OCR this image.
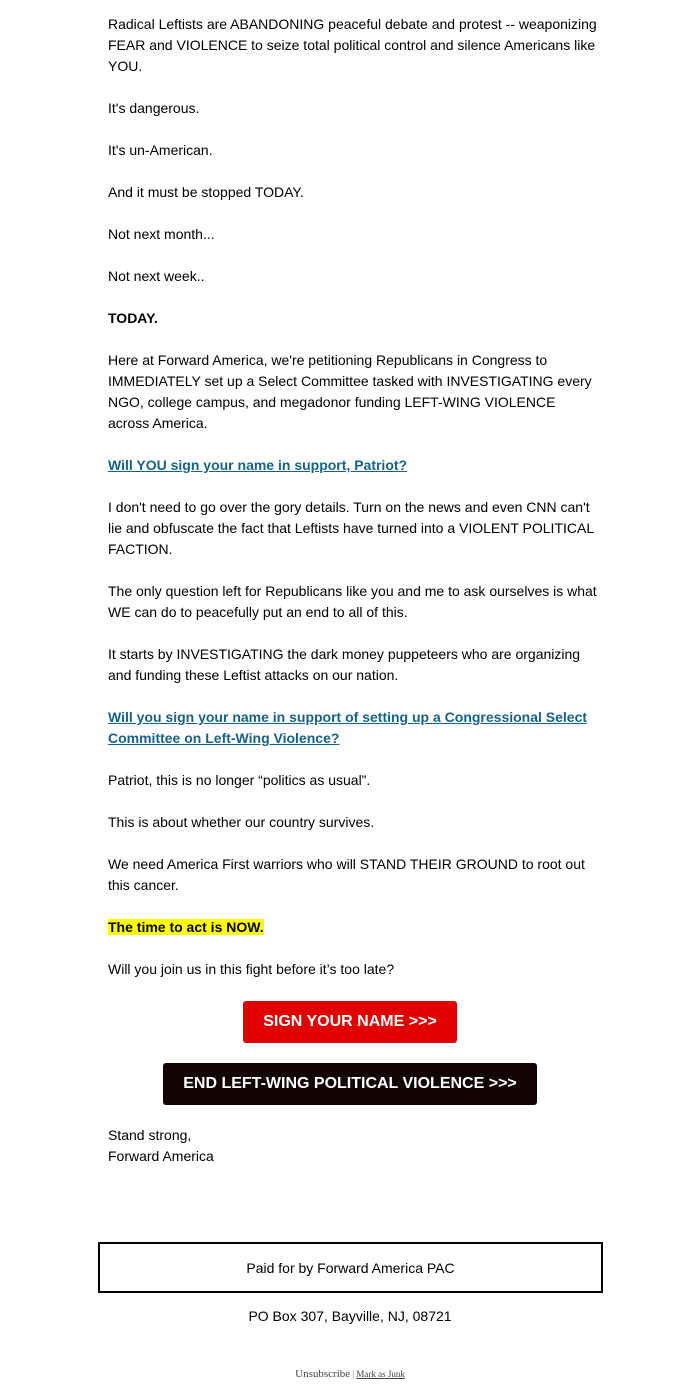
Radical Leftists are ABANDONING peaceful debate and protest -- weaponizing FEAR and VIOLENCE to seize total political control and silence Americans like YOU.

It's dangerous.

It's un-American.

And it must be stopped TODAY.

Not next month...

Not next week..

TODAY.

Here at Forward America, we're petitioning Republicans in Congress to IMMEDIATELY set up a Select Committee tasked with INVESTIGATING every NGO, college campus, and megadonor funding LEFT-WING VIOLENCE across America.

Will YOU sign your name in support, Patriot?

I don't need to go over the gory details. Turn on the news and even CNN can't lie and obfuscate the fact that Leftists have turned into a VIOLENT POLITICAL FACTION.

The only question left for Republicans like you and me to ask ourselves is what WE can do to peacefully put an end to all of this.

It starts by INVESTIGATING the dark money puppeteers who are organizing and funding these Leftist attacks on our nation.

Will you sign your name in support of setting up a Congressional Select Committee on Left-Wing Violence?

Patriot, this is no longer “politics as usual”.

This is about whether our country survives.

We need America First warriors who will STAND THEIR GROUND to root out this cancer.

The time to act is NOW.

Will you join us in this fight before it’s too late?

SIGN YOUR NAME >>>
END LEFT-WING POLITICAL VIOLENCE >>>
Stand strong,
Forward America
Paid for by Forward America PAC
PO Box 307, Bayville, NJ, 08721
Unsubscribe | Mark as Junk
